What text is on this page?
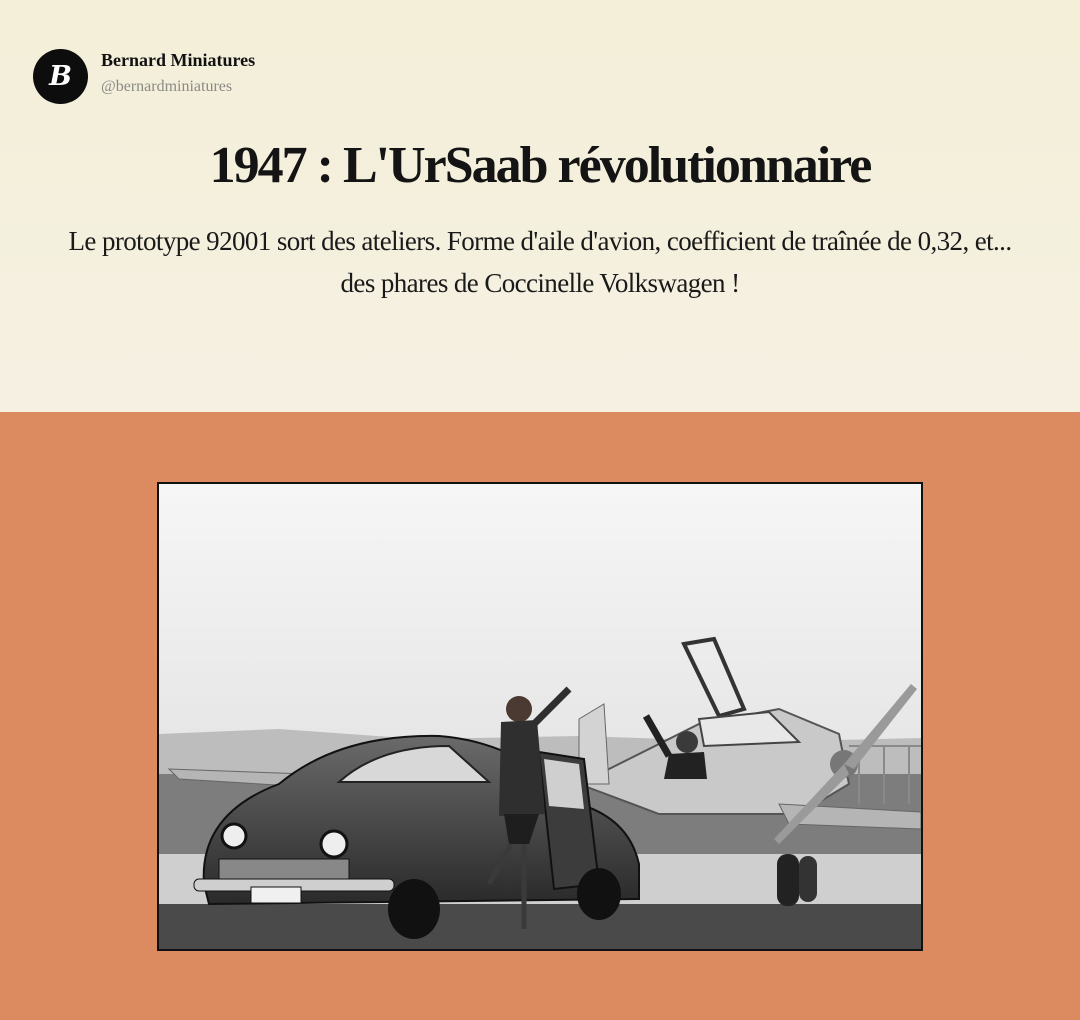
B
Bernard Miniatures
@bernardminiatures
1947 : L'UrSaab révolutionnaire
Le prototype 92001 sort des ateliers. Forme d'aile d'avion, coefficient de traînée de 0,32, et... des phares de Coccinelle Volkswagen !
